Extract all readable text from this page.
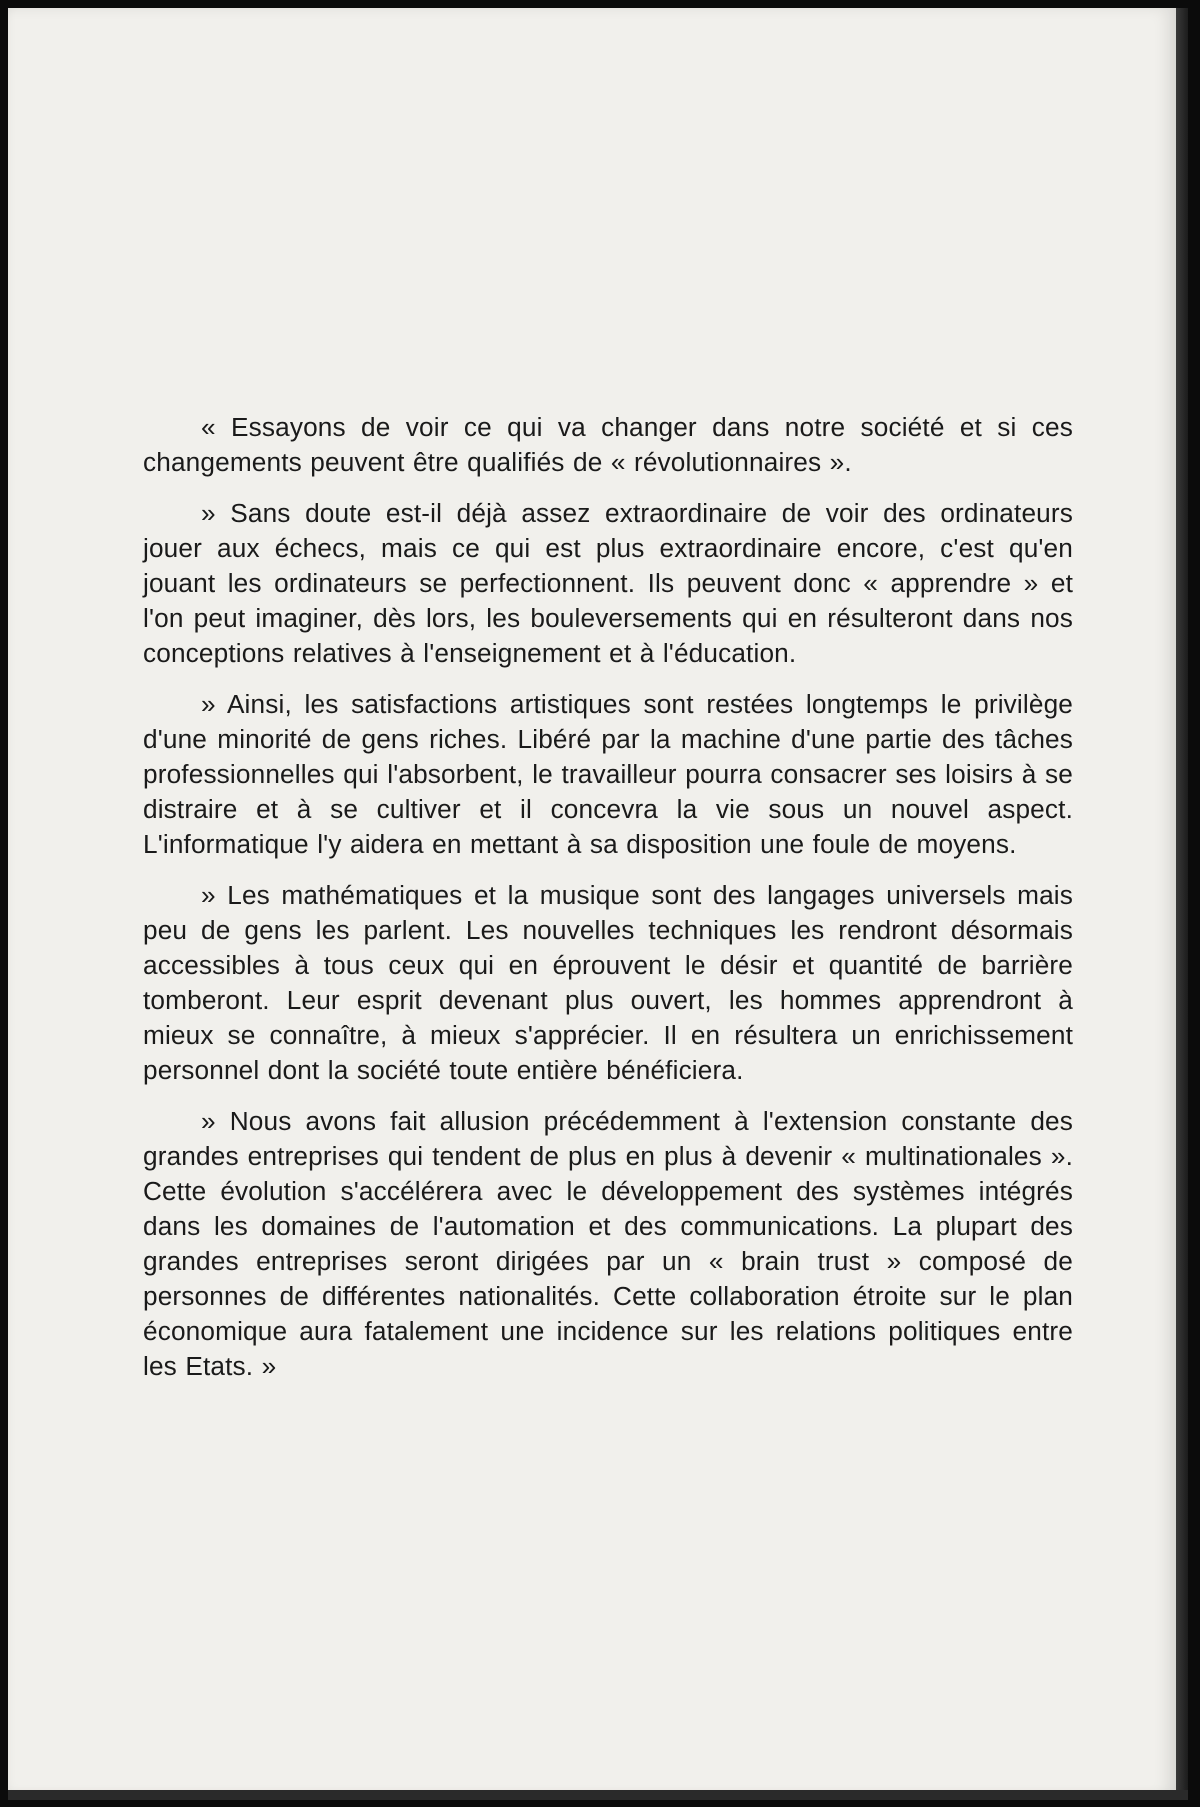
« Essayons de voir ce qui va changer dans notre société et si ces changements peuvent être qualifiés de « révolutionnaires ».

» Sans doute est-il déjà assez extraordinaire de voir des ordinateurs jouer aux échecs, mais ce qui est plus extraordinaire encore, c'est qu'en jouant les ordinateurs se perfectionnent. Ils peuvent donc « apprendre » et l'on peut imaginer, dès lors, les bouleversements qui en résulteront dans nos conceptions relatives à l'enseignement et à l'éducation.

» Ainsi, les satisfactions artistiques sont restées longtemps le privilège d'une minorité de gens riches. Libéré par la machine d'une partie des tâches professionnelles qui l'absorbent, le travailleur pourra consacrer ses loisirs à se distraire et à se cultiver et il concevra la vie sous un nouvel aspect. L'informatique l'y aidera en mettant à sa disposition une foule de moyens.

» Les mathématiques et la musique sont des langages universels mais peu de gens les parlent. Les nouvelles techniques les rendront désormais accessibles à tous ceux qui en éprouvent le désir et quantité de barrière tomberont. Leur esprit devenant plus ouvert, les hommes apprendront à mieux se connaître, à mieux s'apprécier. Il en résultera un enrichissement personnel dont la société toute entière bénéficiera.

» Nous avons fait allusion précédemment à l'extension constante des grandes entreprises qui tendent de plus en plus à devenir « multinationales ». Cette évolution s'accélérera avec le développement des systèmes intégrés dans les domaines de l'automation et des communications. La plupart des grandes entreprises seront dirigées par un « brain trust » composé de personnes de différentes nationalités. Cette collaboration étroite sur le plan économique aura fatalement une incidence sur les relations politiques entre les Etats. »
